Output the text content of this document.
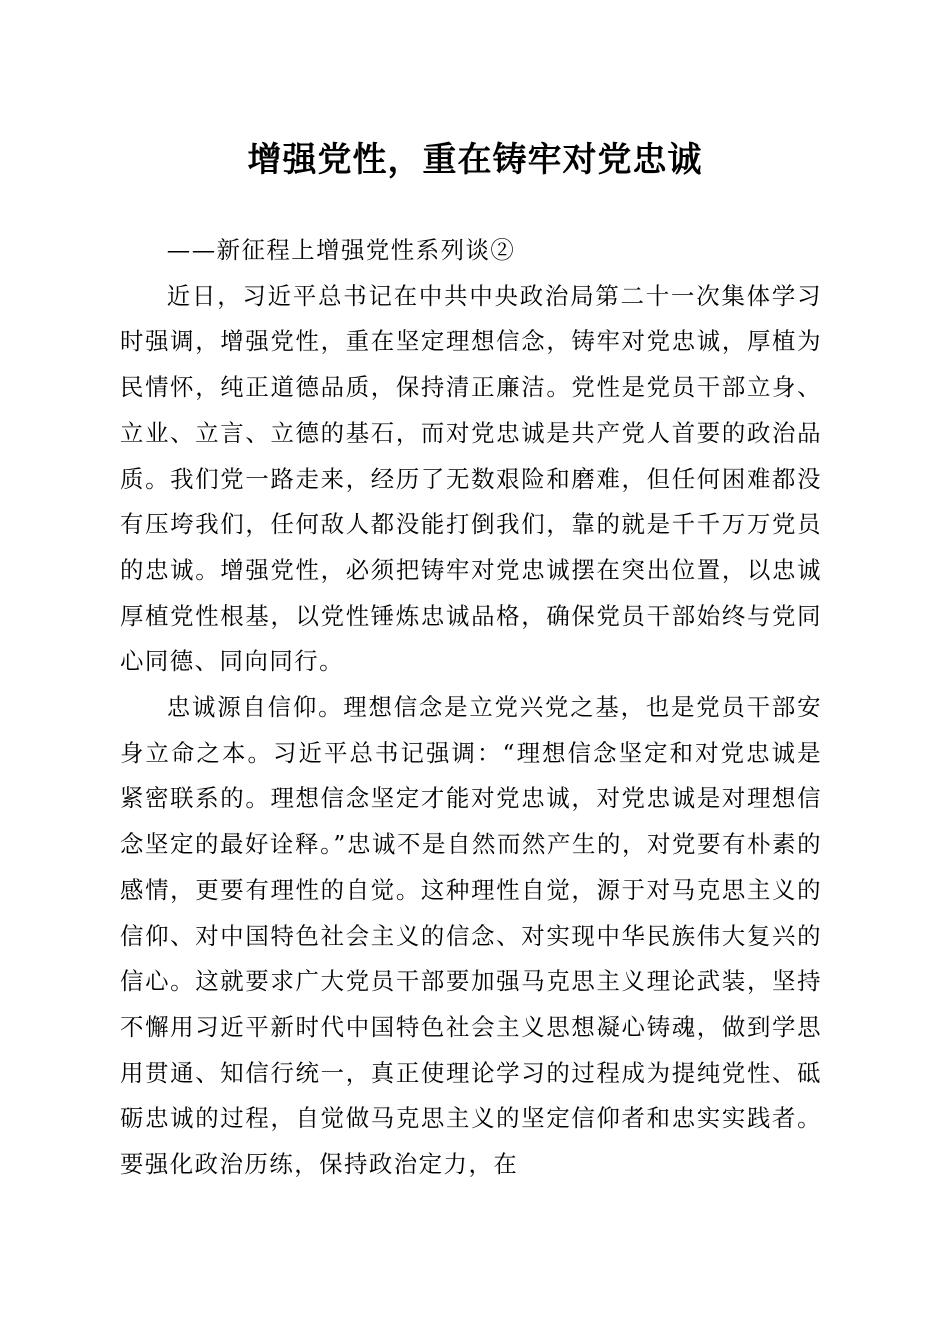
增强党性，重在铸牢对党忠诚

——新征程上增强党性系列谈②

近日，习近平总书记在中共中央政治局第二十一次集体学习时强调，增强党性，重在坚定理想信念，铸牢对党忠诚，厚植为民情怀，纯正道德品质，保持清正廉洁。党性是党员干部立身、立业、立言、立德的基石，而对党忠诚是共产党人首要的政治品质。我们党一路走来，经历了无数艰险和磨难，但任何困难都没有压垮我们，任何敌人都没能打倒我们，靠的就是千千万万党员的忠诚。增强党性，必须把铸牢对党忠诚摆在突出位置，以忠诚厚植党性根基，以党性锤炼忠诚品格，确保党员干部始终与党同心同德、同向同行。

忠诚源自信仰。理想信念是立党兴党之基，也是党员干部安身立命之本。习近平总书记强调：“理想信念坚定和对党忠诚是紧密联系的。理想信念坚定才能对党忠诚，对党忠诚是对理想信念坚定的最好诠释。”忠诚不是自然而然产生的，对党要有朴素的感情，更要有理性的自觉。这种理性自觉，源于对马克思主义的信仰、对中国特色社会主义的信念、对实现中华民族伟大复兴的信心。这就要求广大党员干部要加强马克思主义理论武装，坚持不懈用习近平新时代中国特色社会主义思想凝心铸魂，做到学思用贯通、知信行统一，真正使理论学习的过程成为提纯党性、砥砺忠诚的过程，自觉做马克思主义的坚定信仰者和忠实实践者。要强化政治历练，保持政治定力，在
